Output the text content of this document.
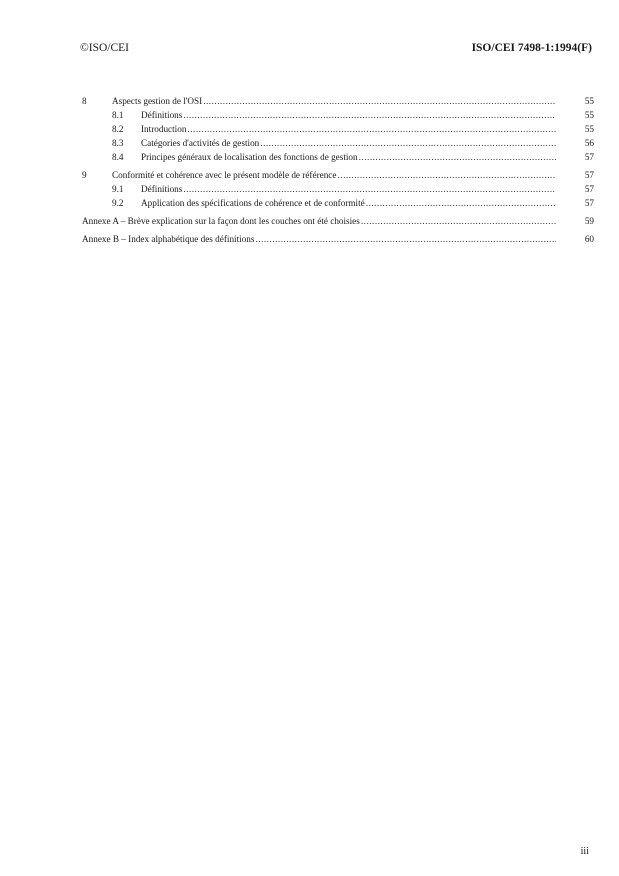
©ISO/CEI	ISO/CEI 7498-1:1994(F)
8	Aspects gestion de l'OSI .....	55
8.1 Définitions .....	55
8.2 Introduction .....	55
8.3 Catégories d'activités de gestion .....	56
8.4 Principes généraux de localisation des fonctions de gestion .....	57
9	Conformité et cohérence avec le présent modèle de référence .....	57
9.1 Définitions .....	57
9.2 Application des spécifications de cohérence et de conformité .....	57
Annexe A – Brève explication sur la façon dont les couches ont été choisies .....	59
Annexe B – Index alphabétique des définitions .....	60
iii
